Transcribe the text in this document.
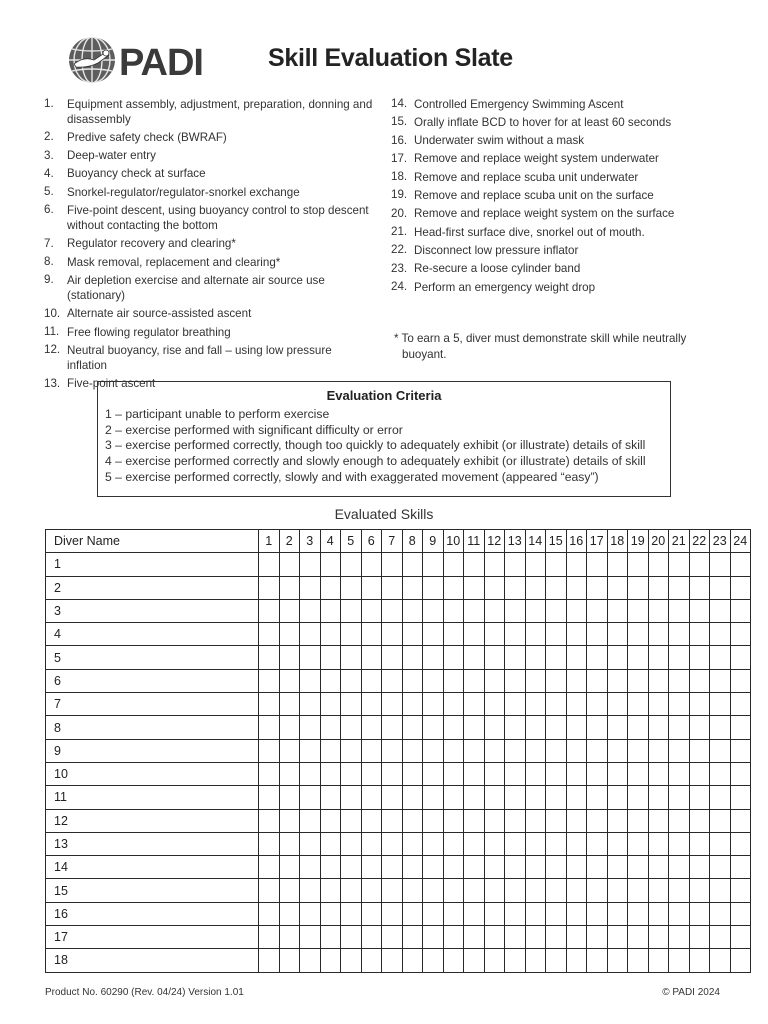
PADI	Skill Evaluation Slate
1.	Equipment assembly, adjustment, preparation, donning and disassembly
2.	Predive safety check (BWRAF)
3.	Deep-water entry
4.	Buoyancy check at surface
5.	Snorkel-regulator/regulator-snorkel exchange
6.	Five-point descent, using buoyancy control to stop descent without contacting the bottom
7.	Regulator recovery and clearing*
8.	Mask removal, replacement and clearing*
9.	Air depletion exercise and alternate air source use (stationary)
10. Alternate air source-assisted ascent
11. Free flowing regulator breathing
12. Neutral buoyancy, rise and fall – using low pressure inflation
13. Five-point ascent
14. Controlled Emergency Swimming Ascent
15. Orally inflate BCD to hover for at least 60 seconds
16. Underwater swim without a mask
17. Remove and replace weight system underwater
18. Remove and replace scuba unit underwater
19. Remove and replace scuba unit on the surface
20. Remove and replace weight system on the surface
21. Head-first surface dive, snorkel out of mouth.
22. Disconnect low pressure inflator
23. Re-secure a loose cylinder band
24. Perform an emergency weight drop
* To earn a 5, diver must demonstrate skill while neutrally buoyant.
Evaluation Criteria
1 – participant unable to perform exercise
2 – exercise performed with significant difficulty or error
3 – exercise performed correctly, though too quickly to adequately exhibit (or illustrate) details of skill
4 – exercise performed correctly and slowly enough to adequately exhibit (or illustrate) details of skill
5 – exercise performed correctly, slowly and with exaggerated movement (appeared “easy”)
Evaluated Skills
Diver Name	1	2	3	4	5	6	7	8	9	10	11	12	13	14	15	16	17	18	19	20	21	22	23	24
1																								
2																								
3																								
4																								
5																								
6																								
7																								
8																								
9																								
10																								
11																								
12																								
13																								
14																								
15																								
16																								
17																								
18																								
Product No. 60290 (Rev. 04/24) Version 1.01	© PADI 2024
